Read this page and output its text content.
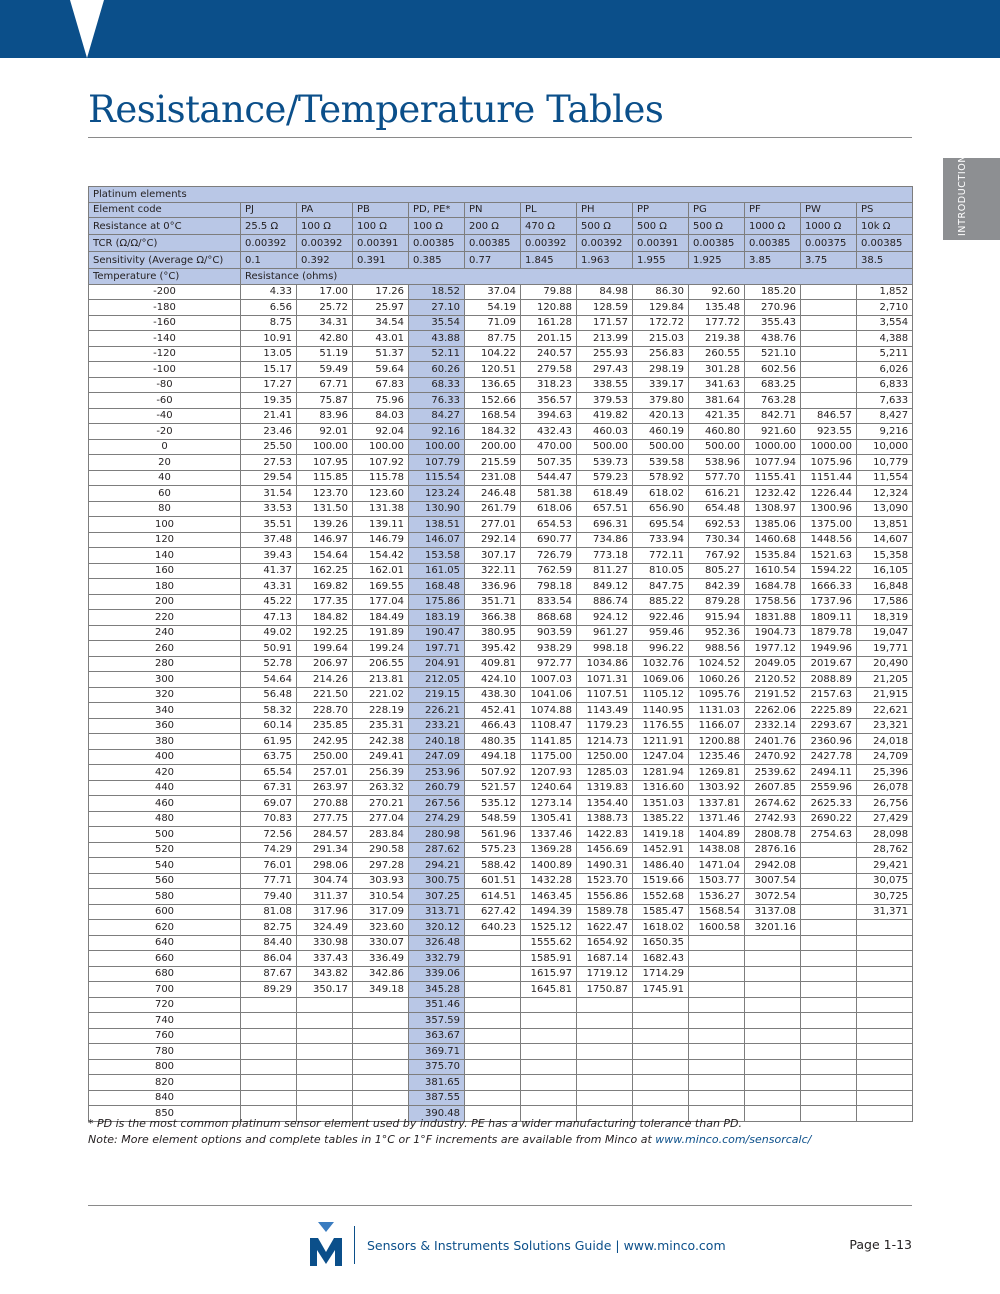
Resistance/Temperature Tables
INTRODUCTION
Platinum elements												
Element code	PJ	PA	PB	PD, PE*	PN	PL	PH	PP	PG	PF	PW	PS
Resistance at 0°C	25.5 Ω	100 Ω	100 Ω	100 Ω	200 Ω	470 Ω	500 Ω	500 Ω	500 Ω	1000 Ω	1000 Ω	10k Ω
TCR (Ω/Ω/°C)	0.00392	0.00392	0.00391	0.00385	0.00385	0.00392	0.00392	0.00391	0.00385	0.00385	0.00375	0.00385
Sensitivity (Average Ω/°C)	0.1	0.392	0.391	0.385	0.77	1.845	1.963	1.955	1.925	3.85	3.75	38.5
Temperature (°C)	Resistance (ohms)											
-200	4.33	17.00	17.26	18.52	37.04	79.88	84.98	86.30	92.60	185.20		1,852
-180	6.56	25.72	25.97	27.10	54.19	120.88	128.59	129.84	135.48	270.96		2,710
-160	8.75	34.31	34.54	35.54	71.09	161.28	171.57	172.72	177.72	355.43		3,554
-140	10.91	42.80	43.01	43.88	87.75	201.15	213.99	215.03	219.38	438.76		4,388
-120	13.05	51.19	51.37	52.11	104.22	240.57	255.93	256.83	260.55	521.10		5,211
-100	15.17	59.49	59.64	60.26	120.51	279.58	297.43	298.19	301.28	602.56		6,026
-80	17.27	67.71	67.83	68.33	136.65	318.23	338.55	339.17	341.63	683.25		6,833
-60	19.35	75.87	75.96	76.33	152.66	356.57	379.53	379.80	381.64	763.28		7,633
-40	21.41	83.96	84.03	84.27	168.54	394.63	419.82	420.13	421.35	842.71	846.57	8,427
-20	23.46	92.01	92.04	92.16	184.32	432.43	460.03	460.19	460.80	921.60	923.55	9,216
0	25.50	100.00	100.00	100.00	200.00	470.00	500.00	500.00	500.00	1000.00	1000.00	10,000
20	27.53	107.95	107.92	107.79	215.59	507.35	539.73	539.58	538.96	1077.94	1075.96	10,779
40	29.54	115.85	115.78	115.54	231.08	544.47	579.23	578.92	577.70	1155.41	1151.44	11,554
60	31.54	123.70	123.60	123.24	246.48	581.38	618.49	618.02	616.21	1232.42	1226.44	12,324
80	33.53	131.50	131.38	130.90	261.79	618.06	657.51	656.90	654.48	1308.97	1300.96	13,090
100	35.51	139.26	139.11	138.51	277.01	654.53	696.31	695.54	692.53	1385.06	1375.00	13,851
120	37.48	146.97	146.79	146.07	292.14	690.77	734.86	733.94	730.34	1460.68	1448.56	14,607
140	39.43	154.64	154.42	153.58	307.17	726.79	773.18	772.11	767.92	1535.84	1521.63	15,358
160	41.37	162.25	162.01	161.05	322.11	762.59	811.27	810.05	805.27	1610.54	1594.22	16,105
180	43.31	169.82	169.55	168.48	336.96	798.18	849.12	847.75	842.39	1684.78	1666.33	16,848
200	45.22	177.35	177.04	175.86	351.71	833.54	886.74	885.22	879.28	1758.56	1737.96	17,586
220	47.13	184.82	184.49	183.19	366.38	868.68	924.12	922.46	915.94	1831.88	1809.11	18,319
240	49.02	192.25	191.89	190.47	380.95	903.59	961.27	959.46	952.36	1904.73	1879.78	19,047
260	50.91	199.64	199.24	197.71	395.42	938.29	998.18	996.22	988.56	1977.12	1949.96	19,771
280	52.78	206.97	206.55	204.91	409.81	972.77	1034.86	1032.76	1024.52	2049.05	2019.67	20,490
300	54.64	214.26	213.81	212.05	424.10	1007.03	1071.31	1069.06	1060.26	2120.52	2088.89	21,205
320	56.48	221.50	221.02	219.15	438.30	1041.06	1107.51	1105.12	1095.76	2191.52	2157.63	21,915
340	58.32	228.70	228.19	226.21	452.41	1074.88	1143.49	1140.95	1131.03	2262.06	2225.89	22,621
360	60.14	235.85	235.31	233.21	466.43	1108.47	1179.23	1176.55	1166.07	2332.14	2293.67	23,321
380	61.95	242.95	242.38	240.18	480.35	1141.85	1214.73	1211.91	1200.88	2401.76	2360.96	24,018
400	63.75	250.00	249.41	247.09	494.18	1175.00	1250.00	1247.04	1235.46	2470.92	2427.78	24,709
420	65.54	257.01	256.39	253.96	507.92	1207.93	1285.03	1281.94	1269.81	2539.62	2494.11	25,396
440	67.31	263.97	263.32	260.79	521.57	1240.64	1319.83	1316.60	1303.92	2607.85	2559.96	26,078
460	69.07	270.88	270.21	267.56	535.12	1273.14	1354.40	1351.03	1337.81	2674.62	2625.33	26,756
480	70.83	277.75	277.04	274.29	548.59	1305.41	1388.73	1385.22	1371.46	2742.93	2690.22	27,429
500	72.56	284.57	283.84	280.98	561.96	1337.46	1422.83	1419.18	1404.89	2808.78	2754.63	28,098
520	74.29	291.34	290.58	287.62	575.23	1369.28	1456.69	1452.91	1438.08	2876.16		28,762
540	76.01	298.06	297.28	294.21	588.42	1400.89	1490.31	1486.40	1471.04	2942.08		29,421
560	77.71	304.74	303.93	300.75	601.51	1432.28	1523.70	1519.66	1503.77	3007.54		30,075
580	79.40	311.37	310.54	307.25	614.51	1463.45	1556.86	1552.68	1536.27	3072.54		30,725
600	81.08	317.96	317.09	313.71	627.42	1494.39	1589.78	1585.47	1568.54	3137.08		31,371
620	82.75	324.49	323.60	320.12	640.23	1525.12	1622.47	1618.02	1600.58	3201.16		
640	84.40	330.98	330.07	326.48		1555.62	1654.92	1650.35				
660	86.04	337.43	336.49	332.79		1585.91	1687.14	1682.43				
680	87.67	343.82	342.86	339.06		1615.97	1719.12	1714.29				
700	89.29	350.17	349.18	345.28		1645.81	1750.87	1745.91				
720				351.46								
740				357.59								
760				363.67								
780				369.71								
800				375.70								
820				381.65								
840				387.55								
850				390.48								
* PD is the most common platinum sensor element used by industry. PE has a wider manufacturing tolerance than PD.
Note: More element options and complete tables in 1°C or 1°F increments are available from Minco at www.minco.com/sensorcalc/
Sensors & Instruments Solutions Guide | www.minco.com	Page 1-13
